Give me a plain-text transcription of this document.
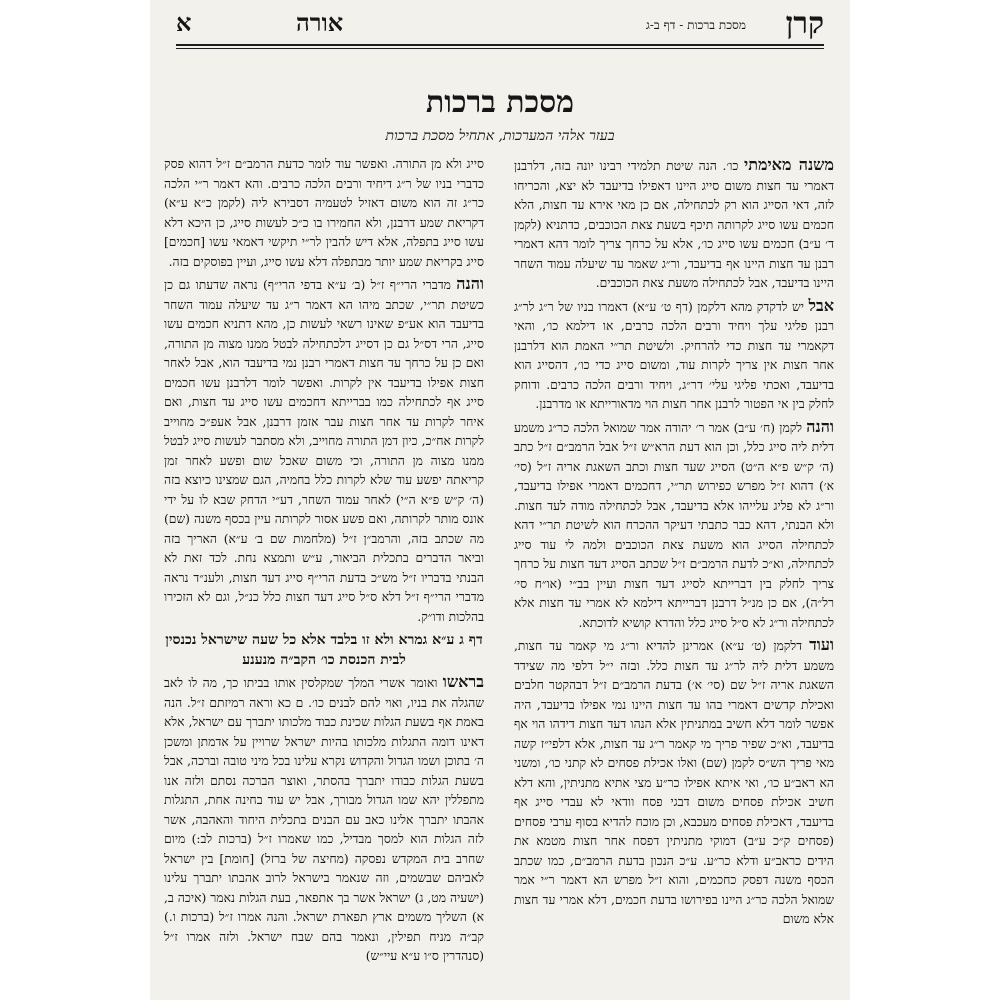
קרן
מסכת ברכות - דף ב-ג
אורה
א
מסכת ברכות
בעזר אלהי המערכות, אתחיל מסכת ברכות

משנה מאימתי כו׳. הנה שיטת תלמידי רבינו יונה בזה, דלרבנן דאמרי עד חצות משום סייג היינו דאפילו בדיעבד לא יצא, והכריחו לזה, דאי הסייג הוא רק לכתחילה, אם כן מאי אירא עד חצות, הלא חכמים עשו סייג לקרותה תיכף בשעת צאת הכוכבים, כדתניא (לקמן ד׳ ע״ב) חכמים עשו סייג כו׳, אלא על כרחך צריך לומר דהא דאמרי רבנן עד חצות היינו אף בדיעבד, ור״ג שאמר עד שיעלה עמוד השחר היינו בדיעבד, אבל לכתחילה משעת צאת הכוכבים.

אבל יש לדקדק מהא דלקמן (דף ט׳ ע״א) דאמרו בניו של ר״ג לר״ג רבנן פליגי עלך ויחיד ורבים הלכה כרבים, או דילמא כו׳, והאי דקאמרי עד חצות כדי להרחיק. ולשיטת תר״י האמת הוא דלרבנן אחר חצות אין צריך לקרות עוד, ומשום סייג כדי כו׳, דהסייג הוא בדיעבד, ואכתי פליגי עלי׳ דר״ג, ויחיד ורבים הלכה כרבים. ודוחק לחלק בין אי הפטור לרבנן אחר חצות הוי מדאורייתא או מדרבנן.

והנה לקמן (ח׳ ע״ב) אמר ר׳ יהודה אמר שמואל הלכה כר״ג משמע דלית ליה סייג כלל, וכן הוא דעת הרא״ש ז״ל אבל הרמב״ם ז״ל כתב (ה׳ ק״ש פ״א ה״ט) הסייג שעד חצות וכתב השאגת אריה ז״ל (סי׳ א׳) דהוא ז״ל מפרש כפירוש תר״י, דחכמים דאמרי אפילו בדיעבד, ור״ג לא פליג עלייהו אלא בדיעבד, אבל לכתחילה מודה לעד חצות. ולא הבנתי, דהא כבר כתבתי דעיקר ההכרח הוא לשיטת תר״י דהא לכתחילה הסייג הוא משעת צאת הכוכבים ולמה לי עוד סייג לכתחילה, וא״כ לדעת הרמב״ם ז״ל שכתב הסייג דעד חצות על כרחך צריך לחלק בין דברייתא לסייג דעד חצות ועיין בב״י (או״ח סי׳ רל״ה), אם כן מנ״ל דרבנן דברייתא דילמא לא אמרי עד חצות אלא לכתחילה ור״ג לא ס״ל סייג כלל והדרא קושיא לדוכתא.

ועוד דלקמן (ט׳ ע״א) אמרינן להדיא ור״ג מי קאמר עד חצות, משמע דלית ליה לר״ג עד חצות כלל. ובזה י״ל דלפי מה שצידד השאגת אריה ז״ל שם (סי׳ א׳) בדעת הרמב״ם ז״ל דבהקטר חלבים ואכילת קדשים דאמרי בהו עד חצות היינו נמי אפילו בדיעבד, היה אפשר לומר דלא חשיב במתניתין אלא הנהו דעד חצות דידהו הוי אף בדיעבד, וא״כ שפיר פריך מי קאמר ר״ג עד חצות, אלא דלפי״ז קשה מאי פריך הש״ס לקמן (שם) ואלו אכילת פסחים לא קתני כו׳, ומשני הא ראב״ע כו׳, ואי איתא אפילו כר״ע מצי אתיא מתניתין, והא דלא חשיב אכילת פסחים משום דבגי פסח וודאי לא עבדי סייג אף בדיעבד, דאכילת פסחים מעכבא, וכן מוכח להדיא בסוף ערבי פסחים (פסחים ק״כ ע״ב) דמוקי מתניתין דפסח אחר חצות מטמא את הידים כראב״ע ודלא כר״ע. ע״כ הנכון בדעת הרמב״ם, כמו שכתב הכסף משנה דפסק כחכמים, והוא ז״ל מפרש הא דאמר ר״י אמר שמואל הלכה כר״ג היינו בפירושו בדעת חכמים, דלא אמרי עד חצות אלא משום

סייג ולא מן התורה. ואפשר עוד לומר כדעת הרמב״ם ז״ל דהוא פסק כדברי בניו של ר״ג דיחיד ורבים הלכה כרבים. והא דאמר ר״י הלכה כר״ג זה הוא משום דאזיל לטעמיה דסבירא ליה (לקמן כ״א ע״א) דקריאת שמע דרבנן, ולא החמירו בו כ״כ לעשות סייג, כן היכא דלא עשו סייג בתפלה, אלא דיש להבין לר״י תיקשי דאמאי עשו [חכמים] סייג בקריאת שמע יותר מבתפלה דלא עשו סייג, ועיין בפוסקים בזה.

והנה מדברי הרי״ף ז״ל (ב׳ ע״א בדפי הרי״ף) נראה שדעתו גם כן כשיטת תר״י, שכתב מיהו הא דאמר ר״ג עד שיעלה עמוד השחר בדיעבד הוא אע״פ שאינו רשאי לעשות כן, מהא דתניא חכמים עשו סייג, הרי דס״ל גם כן דסייג דלכתחילה לבטל ממנו מצוה מן התורה, ואם כן על כרחך עד חצות דאמרי רבנן נמי בדיעבד הוא, אבל לאחר חצות אפילו בדיעבד אין לקרות. ואפשר לומר דלרבנן עשו חכמים סייג אף לכתחילה כמו בברייתא דחכמים עשו סייג עד חצות, ואם איחר לקרות עד אחר חצות עבר אזמן דרבנן, אבל אעפ״כ מחוייב לקרות אח״כ, כיון דמן התורה מחוייב, ולא מסתבר לעשות סייג לבטל ממנו מצוה מן התורה, וכי משום שאכל שום ופשע לאחר זמן קריאתה יפשע עוד שלא לקרות כלל בחמיה, הגם שמצינו כיוצא בזה (ה׳ ק״ש פ״א ה״י) לאחר עמוד השחר, דע״י הדחק שבא לו על ידי אונס מותר לקרותה, ואם פשע אסור לקרותה עיין בכסף משנה (שם) מה שכתב בזה, והרמב״ן ז״ל (מלחמות שם ב׳ ע״א) האריך בזה וביאר הדברים בתכלית הביאור, ע״ש ותמצא נחת. לכד זאת לא הבנתי בדבריו ז״ל מש״כ בדעת הרי״ף סייג דעד חצות, ולענ״ד נראה מדברי הרי״ף ז״ל דלא ס״ל סייג דעד חצות כלל כנ״ל, וגם לא הזכירו בהלכות ודו״ק.

דף ג ע״א גמרא ולא זו בלבד אלא כל שעה שישראל נכנסין לבית הכנסת כו׳ הקב״ה מנענע

בראשו ואומר אשרי המלך שמקלסין אותו בביתו כך, מה לו לאב שהגלה את בניו, ואוי להם לבנים כו׳. ם כא וראה רמיזתם ז״ל. הנה באמת אף בשעת הגלות שכינת כבוד מלכותו יתברך עם ישראל, אלא דאינו דומה התגלות מלכותו בהיות ישראל שרויין על אדמתן ומשכן ה׳ בתוכן ושמו הגדול והקדוש נקרא עלינו בכל מיני טובה וברכה, אבל בשעת הגלות כבודו יתברך בהסתר, ואוצר הברכה נסתם ולזה אנו מתפללין יהא שמו הגדול מבורך, אבל יש עוד בחינה אחת, התגלות אהבתו יתברך אלינו כאב עם הבנים בתכלית היחוד והאהבה, אשר לזה הגלות הוא למסך מבדיל, כמו שאמרו ז״ל (ברכות לב:) מיום שחרב בית המקדש נפסקה (מחיצה של ברזל) [חומת] בין ישראל לאביהם שבשמים, וזה שנאמר בישראל לרוב אהבתו יתברך עלינו (ישעיה מט, ג) ישראל אשר בך אתפאר, בעת הגלות נאמר (איכה ב, א) השליך משמים ארץ תפארת ישראל. והנה אמרו ז״ל (ברכות ו.) קב״ה מניח תפילין, ונאמר בהם שבח ישראל. ולזה אמרו ז״ל (סנהדרין ס״ו ע״א עיי״ש)
